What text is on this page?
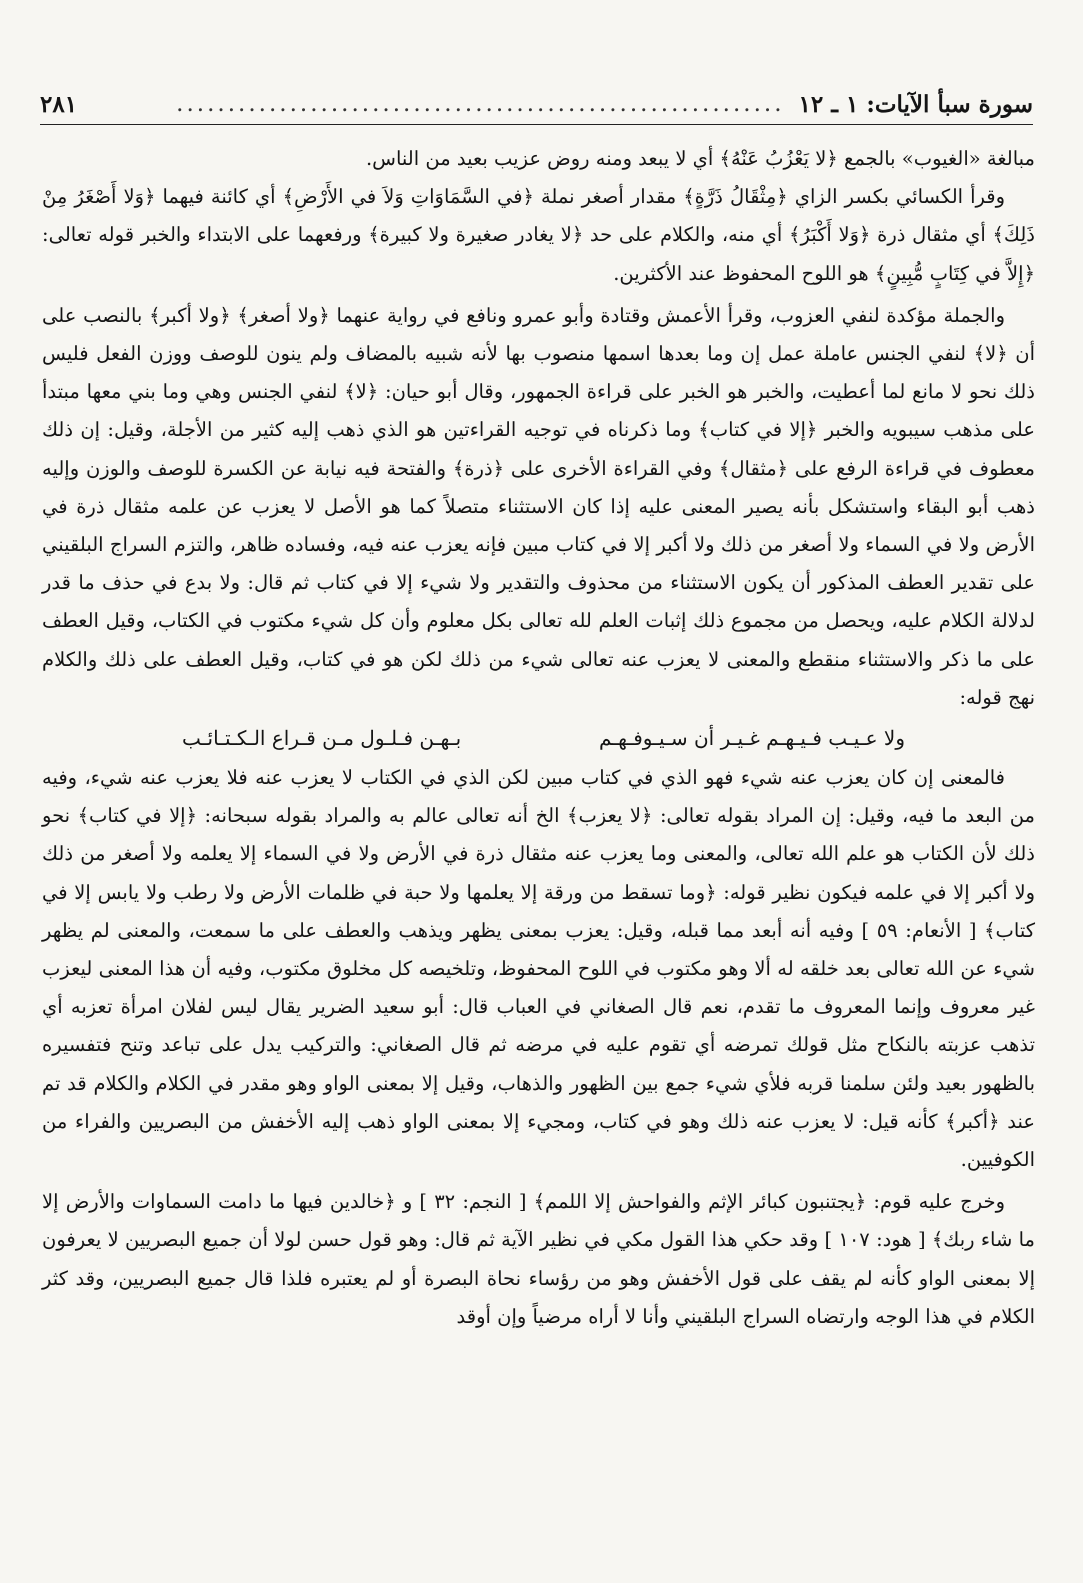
سورة سبأ الآيات: ١ ـ ١٢
...........................................................
٢٨١

مبالغة «الغيوب» بالجمع ﴿لا يَعْزُبُ عَنْهُ﴾ أي لا يبعد ومنه روض عزيب بعيد من الناس.

وقرأ الكسائي بكسر الزاي ﴿مِثْقَالُ ذَرَّةٍ﴾ مقدار أصغر نملة ﴿في السَّمَاوَاتِ وَلاَ في الأَرْضِ﴾ أي كائنة فيهما ﴿وَلا أَصْغَرُ مِنْ ذَلِكَ﴾ أي مثقال ذرة ﴿وَلا أَكْبَرُ﴾ أي منه، والكلام على حد ﴿لا يغادر صغيرة ولا كبيرة﴾ ورفعهما على الابتداء والخبر قوله تعالى: ﴿إِلاَّ في كِتَابٍ مُّبِينٍ﴾ هو اللوح المحفوظ عند الأكثرين.

والجملة مؤكدة لنفي العزوب، وقرأ الأعمش وقتادة وأبو عمرو ونافع في رواية عنهما ﴿ولا أصغر﴾ ﴿ولا أكبر﴾ بالنصب على أن ﴿لا﴾ لنفي الجنس عاملة عمل إن وما بعدها اسمها منصوب بها لأنه شبيه بالمضاف ولم ينون للوصف ووزن الفعل فليس ذلك نحو لا مانع لما أعطيت، والخبر هو الخبر على قراءة الجمهور، وقال أبو حيان: ﴿لا﴾ لنفي الجنس وهي وما بني معها مبتدأ على مذهب سيبويه والخبر ﴿إلا في كتاب﴾ وما ذكرناه في توجيه القراءتين هو الذي ذهب إليه كثير من الأجلة، وقيل: إن ذلك معطوف في قراءة الرفع على ﴿مثقال﴾ وفي القراءة الأخرى على ﴿ذرة﴾ والفتحة فيه نيابة عن الكسرة للوصف والوزن وإليه ذهب أبو البقاء واستشكل بأنه يصير المعنى عليه إذا كان الاستثناء متصلاً كما هو الأصل لا يعزب عن علمه مثقال ذرة في الأرض ولا في السماء ولا أصغر من ذلك ولا أكبر إلا في كتاب مبين فإنه يعزب عنه فيه، وفساده ظاهر، والتزم السراج البلقيني على تقدير العطف المذكور أن يكون الاستثناء من محذوف والتقدير ولا شيء إلا في كتاب ثم قال: ولا بدع في حذف ما قدر لدلالة الكلام عليه، ويحصل من مجموع ذلك إثبات العلم لله تعالى بكل معلوم وأن كل شيء مكتوب في الكتاب، وقيل العطف على ما ذكر والاستثناء منقطع والمعنى لا يعزب عنه تعالى شيء من ذلك لكن هو في كتاب، وقيل العطف على ذلك والكلام نهج قوله:

ولا عـيـب فـيـهـم غـيـر أن سـيـوفـهـم
بـهـن فـلـول مـن قـراع الـكـتـائـب

فالمعنى إن كان يعزب عنه شيء فهو الذي في كتاب مبين لكن الذي في الكتاب لا يعزب عنه فلا يعزب عنه شيء، وفيه من البعد ما فيه، وقيل: إن المراد بقوله تعالى: ﴿لا يعزب﴾ الخ أنه تعالى عالم به والمراد بقوله سبحانه: ﴿إلا في كتاب﴾ نحو ذلك لأن الكتاب هو علم الله تعالى، والمعنى وما يعزب عنه مثقال ذرة في الأرض ولا في السماء إلا يعلمه ولا أصغر من ذلك ولا أكبر إلا في علمه فيكون نظير قوله: ﴿وما تسقط من ورقة إلا يعلمها ولا حبة في ظلمات الأرض ولا رطب ولا يابس إلا في كتاب﴾ [ الأنعام: ٥٩ ] وفيه أنه أبعد مما قبله، وقيل: يعزب بمعنى يظهر ويذهب والعطف على ما سمعت، والمعنى لم يظهر شيء عن الله تعالى بعد خلقه له ألا وهو مكتوب في اللوح المحفوظ، وتلخيصه كل مخلوق مكتوب، وفيه أن هذا المعنى ليعزب غير معروف وإنما المعروف ما تقدم، نعم قال الصغاني في العباب قال: أبو سعيد الضرير يقال ليس لفلان امرأة تعزبه أي تذهب عزبته بالنكاح مثل قولك تمرضه أي تقوم عليه في مرضه ثم قال الصغاني: والتركيب يدل على تباعد وتنح فتفسيره بالظهور بعيد ولئن سلمنا قربه فلأي شيء جمع بين الظهور والذهاب، وقيل إلا بمعنى الواو وهو مقدر في الكلام والكلام قد تم عند ﴿أكبر﴾ كأنه قيل: لا يعزب عنه ذلك وهو في كتاب، ومجيء إلا بمعنى الواو ذهب إليه الأخفش من البصريين والفراء من الكوفيين.

وخرج عليه قوم: ﴿يجتنبون كبائر الإثم والفواحش إلا اللمم﴾ [ النجم: ٣٢ ] و ﴿خالدين فيها ما دامت السماوات والأرض إلا ما شاء ربك﴾ [ هود: ١٠٧ ] وقد حكي هذا القول مكي في نظير الآية ثم قال: وهو قول حسن لولا أن جميع البصريين لا يعرفون إلا بمعنى الواو كأنه لم يقف على قول الأخفش وهو من رؤساء نحاة البصرة أو لم يعتبره فلذا قال جميع البصريين، وقد كثر الكلام في هذا الوجه وارتضاه السراج البلقيني وأنا لا أراه مرضياً وإن أوقد
